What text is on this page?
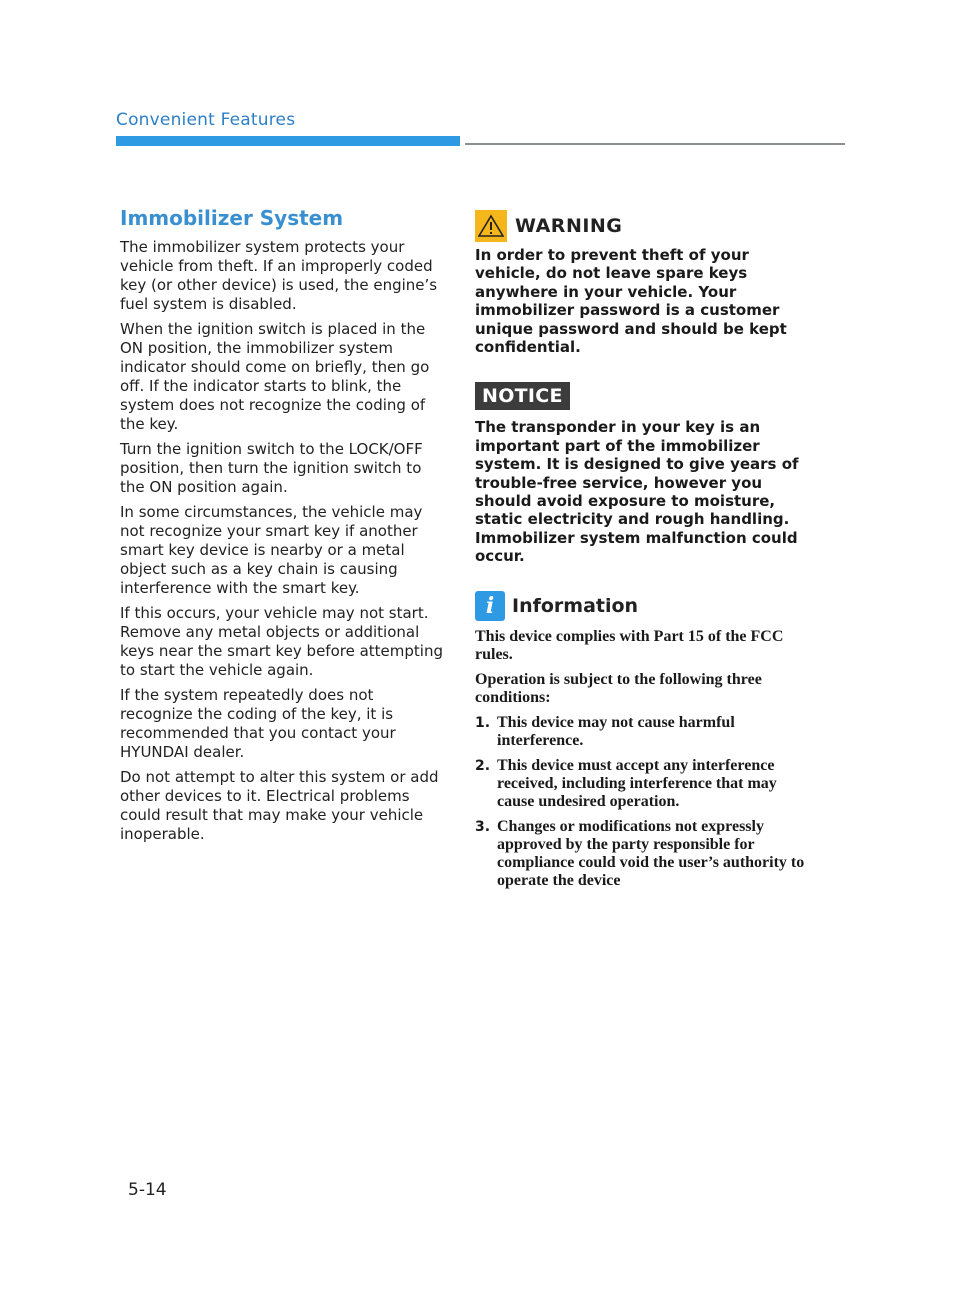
Convenient Features
Immobilizer System

The immobilizer system protects your vehicle from theft. If an improperly coded key (or other device) is used, the engine’s fuel system is disabled.

When the ignition switch is placed in the ON position, the immobilizer system indicator should come on briefly, then go off. If the indicator starts to blink, the system does not recognize the coding of the key.

Turn the ignition switch to the LOCK/OFF position, then turn the ignition switch to the ON position again.

In some circumstances, the vehicle may not recognize your smart key if another smart key device is nearby or a metal object such as a key chain is causing interference with the smart key.

If this occurs, your vehicle may not start. Remove any metal objects or additional keys near the smart key before attempting to start the vehicle again.

If the system repeatedly does not recognize the coding of the key, it is recommended that you contact your HYUNDAI dealer.

Do not attempt to alter this system or add other devices to it. Electrical problems could result that may make your vehicle inoperable.

WARNING

In order to prevent theft of your vehicle, do not leave spare keys anywhere in your vehicle. Your immobilizer password is a customer unique password and should be kept confidential.

NOTICE

The transponder in your key is an important part of the immobilizer system. It is designed to give years of trouble-free service, however you should avoid exposure to moisture, static electricity and rough handling. Immobilizer system malfunction could occur.

i Information

This device complies with Part 15 of the FCC rules.

Operation is subject to the following three conditions:

1. This device may not cause harmful interference.
2. This device must accept any interference received, including interference that may cause undesired operation.
3. Changes or modifications not expressly approved by the party responsible for compliance could void the user’s authority to operate the device
5-14
